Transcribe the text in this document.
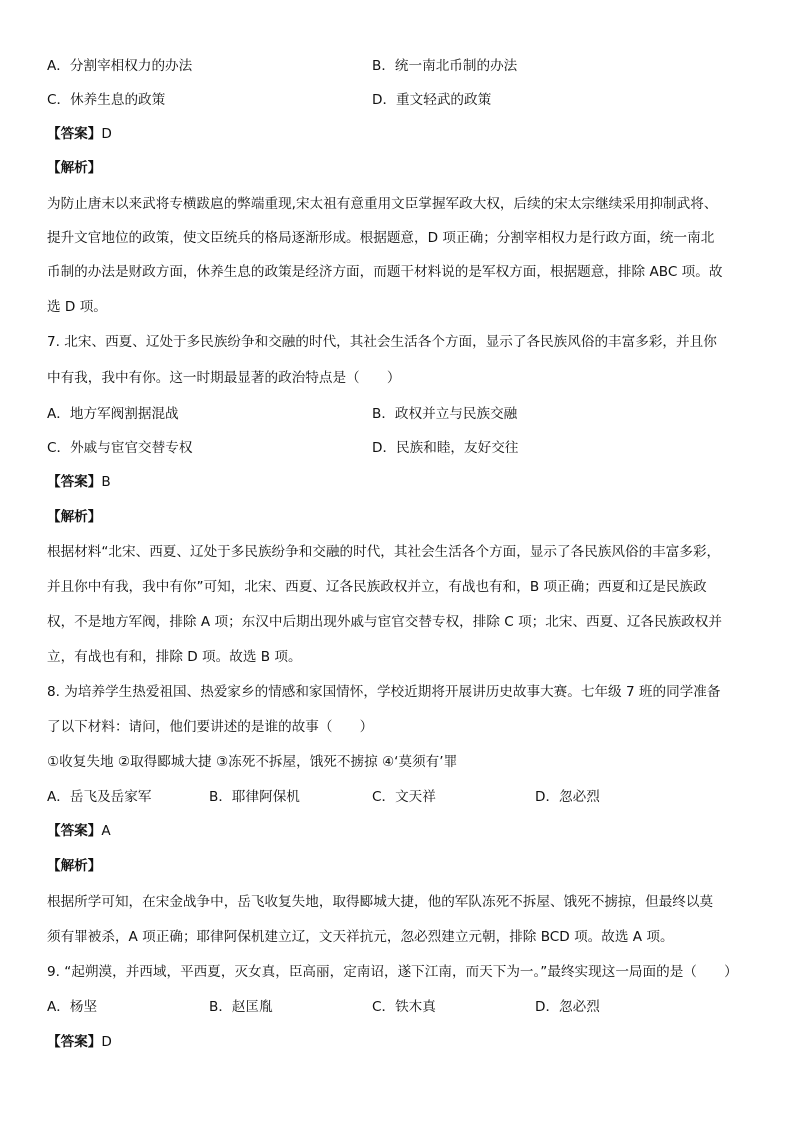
A．分割宰相权力的办法	B．统一南北币制的办法
C．休养生息的政策	D．重文轻武的政策
【答案】D
【解析】
为防止唐末以来武将专横跋扈的弊端重现,宋太祖有意重用文臣掌握军政大权，后续的宋太宗继续采用抑制武将、
提升文官地位的政策，使文臣统兵的格局逐渐形成。根据题意，D 项正确；分割宰相权力是行政方面，统一南北
币制的办法是财政方面，休养生息的政策是经济方面，而题干材料说的是军权方面，根据题意，排除 ABC 项。故
选 D 项。
7. 北宋、西夏、辽处于多民族纷争和交融的时代，其社会生活各个方面，显示了各民族风俗的丰富多彩，并且你
中有我，我中有你。这一时期最显著的政治特点是（　　）
A．地方军阀割据混战	B．政权并立与民族交融
C．外戚与宦官交替专权	D．民族和睦，友好交往
【答案】B
【解析】
根据材料“北宋、西夏、辽处于多民族纷争和交融的时代，其社会生活各个方面，显示了各民族风俗的丰富多彩，
并且你中有我，我中有你”可知，北宋、西夏、辽各民族政权并立，有战也有和，B 项正确；西夏和辽是民族政
权，不是地方军阀，排除 A 项；东汉中后期出现外戚与宦官交替专权，排除 C 项；北宋、西夏、辽各民族政权并
立，有战也有和，排除 D 项。故选 B 项。
8. 为培养学生热爱祖国、热爱家乡的情感和家国情怀，学校近期将开展讲历史故事大赛。七年级 7 班的同学准备
了以下材料：请问，他们要讲述的是谁的故事（　　）
①收复失地 ②取得郾城大捷 ③冻死不拆屋，饿死不掳掠 ④‘莫须有’罪
A．岳飞及岳家军	B．耶律阿保机	C．文天祥	D．忽必烈
【答案】A
【解析】
根据所学可知，在宋金战争中，岳飞收复失地，取得郾城大捷，他的军队冻死不拆屋、饿死不掳掠，但最终以莫
须有罪被杀，A 项正确；耶律阿保机建立辽，文天祥抗元，忽必烈建立元朝，排除 BCD 项。故选 A 项。
9. “起朔漠，并西域，平西夏，灭女真，臣高丽，定南诏，遂下江南，而天下为一。”最终实现这一局面的是（　　）
A．杨坚	B．赵匡胤	C．铁木真	D．忽必烈
【答案】D
